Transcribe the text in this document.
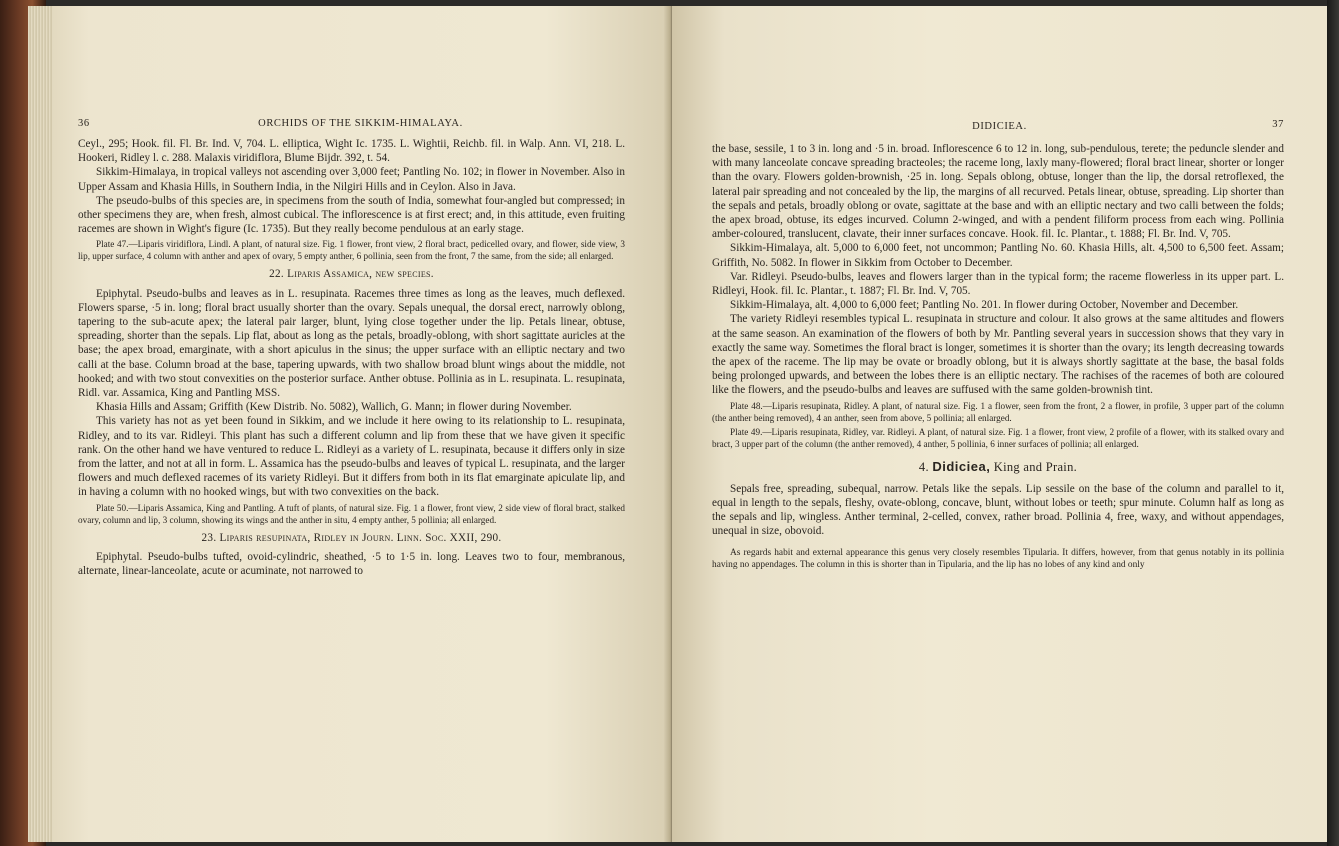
36	ORCHIDS OF THE SIKKIM-HIMALAYA.

Ceyl., 295; Hook. fil. Fl. Br. Ind. V, 704. L. elliptica, Wight Ic. 1735. L. Wightii, Reichb. fil. in Walp. Ann. VI, 218. L. Hookeri, Ridley l. c. 288. Malaxis viridiflora, Blume Bijdr. 392, t. 54.

Sikkim-Himalaya, in tropical valleys not ascending over 3,000 feet; Pantling No. 102; in flower in November. Also in Upper Assam and Khasia Hills, in Southern India, in the Nilgiri Hills and in Ceylon. Also in Java.

The pseudo-bulbs of this species are, in specimens from the south of India, somewhat four-angled but compressed; in other specimens they are, when fresh, almost cubical. The inflorescence is at first erect; and, in this attitude, even fruiting racemes are shown in Wight's figure (Ic. 1735). But they really become pendulous at an early stage.

Plate 47.—Liparis viridiflora, Lindl. A plant, of natural size. Fig. 1 flower, front view, 2 floral bract, pedicelled ovary, and flower, side view, 3 lip, upper surface, 4 column with anther and apex of ovary, 5 empty anther, 6 pollinia, seen from the front, 7 the same, from the side; all enlarged.

22. Liparis Assamica, new species.

Epiphytal. Pseudo-bulbs and leaves as in L. resupinata. Racemes three times as long as the leaves, much deflexed. Flowers sparse, ·5 in. long; floral bract usually shorter than the ovary. Sepals unequal, the dorsal erect, narrowly oblong, tapering to the sub-acute apex; the lateral pair larger, blunt, lying close together under the lip. Petals linear, obtuse, spreading, shorter than the sepals. Lip flat, about as long as the petals, broadly-oblong, with short sagittate auricles at the base; the apex broad, emarginate, with a short apiculus in the sinus; the upper surface with an elliptic nectary and two calli at the base. Column broad at the base, tapering upwards, with two shallow broad blunt wings about the middle, not hooked; and with two stout convexities on the posterior surface. Anther obtuse. Pollinia as in L. resupinata. L. resupinata, Ridl. var. Assamica, King and Pantling MSS.

Khasia Hills and Assam; Griffith (Kew Distrib. No. 5082), Wallich, G. Mann; in flower during November.

This variety has not as yet been found in Sikkim, and we include it here owing to its relationship to L. resupinata, Ridley, and to its var. Ridleyi. This plant has such a different column and lip from these that we have given it specific rank. On the other hand we have ventured to reduce L. Ridleyi as a variety of L. resupinata, because it differs only in size from the latter, and not at all in form. L. Assamica has the pseudo-bulbs and leaves of typical L. resupinata, and the larger flowers and much deflexed racemes of its variety Ridleyi. But it differs from both in its flat emarginate apiculate lip, and in having a column with no hooked wings, but with two convexities on the back.

Plate 50.—Liparis Assamica, King and Pantling. A tuft of plants, of natural size. Fig. 1 a flower, front view, 2 side view of floral bract, stalked ovary, column and lip, 3 column, showing its wings and the anther in situ, 4 empty anther, 5 pollinia; all enlarged.

23. Liparis resupinata, Ridley in Journ. Linn. Soc. XXII, 290.

Epiphytal. Pseudo-bulbs tufted, ovoid-cylindric, sheathed, ·5 to 1·5 in. long. Leaves two to four, membranous, alternate, linear-lanceolate, acute or acuminate, not narrowed to

DIDICIEA.	37

the base, sessile, 1 to 3 in. long and ·5 in. broad. Inflorescence 6 to 12 in. long, sub-pendulous, terete; the peduncle slender and with many lanceolate concave spreading bracteoles; the raceme long, laxly many-flowered; floral bract linear, shorter or longer than the ovary. Flowers golden-brownish, ·25 in. long. Sepals oblong, obtuse, longer than the lip, the dorsal retroflexed, the lateral pair spreading and not concealed by the lip, the margins of all recurved. Petals linear, obtuse, spreading. Lip shorter than the sepals and petals, broadly oblong or ovate, sagittate at the base and with an elliptic nectary and two calli between the folds; the apex broad, obtuse, its edges incurved. Column 2-winged, and with a pendent filiform process from each wing. Pollinia amber-coloured, translucent, clavate, their inner surfaces concave. Hook. fil. Ic. Plantar., t. 1888; Fl. Br. Ind. V, 705.

Sikkim-Himalaya, alt. 5,000 to 6,000 feet, not uncommon; Pantling No. 60. Khasia Hills, alt. 4,500 to 6,500 feet. Assam; Griffith, No. 5082. In flower in Sikkim from October to December.

Var. Ridleyi. Pseudo-bulbs, leaves and flowers larger than in the typical form; the raceme flowerless in its upper part. L. Ridleyi, Hook. fil. Ic. Plantar., t. 1887; Fl. Br. Ind. V, 705.

Sikkim-Himalaya, alt. 4,000 to 6,000 feet; Pantling No. 201. In flower during October, November and December.

The variety Ridleyi resembles typical L. resupinata in structure and colour. It also grows at the same altitudes and flowers at the same season. An examination of the flowers of both by Mr. Pantling several years in succession shows that they vary in exactly the same way. Sometimes the floral bract is longer, sometimes it is shorter than the ovary; its length decreasing towards the apex of the raceme. The lip may be ovate or broadly oblong, but it is always shortly sagittate at the base, the basal folds being prolonged upwards, and between the lobes there is an elliptic nectary. The rachises of the racemes of both are coloured like the flowers, and the pseudo-bulbs and leaves are suffused with the same golden-brownish tint.

Plate 48.—Liparis resupinata, Ridley. A plant, of natural size. Fig. 1 a flower, seen from the front, 2 a flower, in profile, 3 upper part of the column (the anther being removed), 4 an anther, seen from above, 5 pollinia; all enlarged.

Plate 49.—Liparis resupinata, Ridley, var. Ridleyi. A plant, of natural size. Fig. 1 a flower, front view, 2 profile of a flower, with its stalked ovary and bract, 3 upper part of the column (the anther removed), 4 anther, 5 pollinia, 6 inner surfaces of pollinia; all enlarged.

4. Didiciea, King and Prain.

Sepals free, spreading, subequal, narrow. Petals like the sepals. Lip sessile on the base of the column and parallel to it, equal in length to the sepals, fleshy, ovate-oblong, concave, blunt, without lobes or teeth; spur minute. Column half as long as the sepals and lip, wingless. Anther terminal, 2-celled, convex, rather broad. Pollinia 4, free, waxy, and without appendages, unequal in size, obovoid.

As regards habit and external appearance this genus very closely resembles Tipularia. It differs, however, from that genus notably in its pollinia having no appendages. The column in this is shorter than in Tipularia, and the lip has no lobes of any kind and only
